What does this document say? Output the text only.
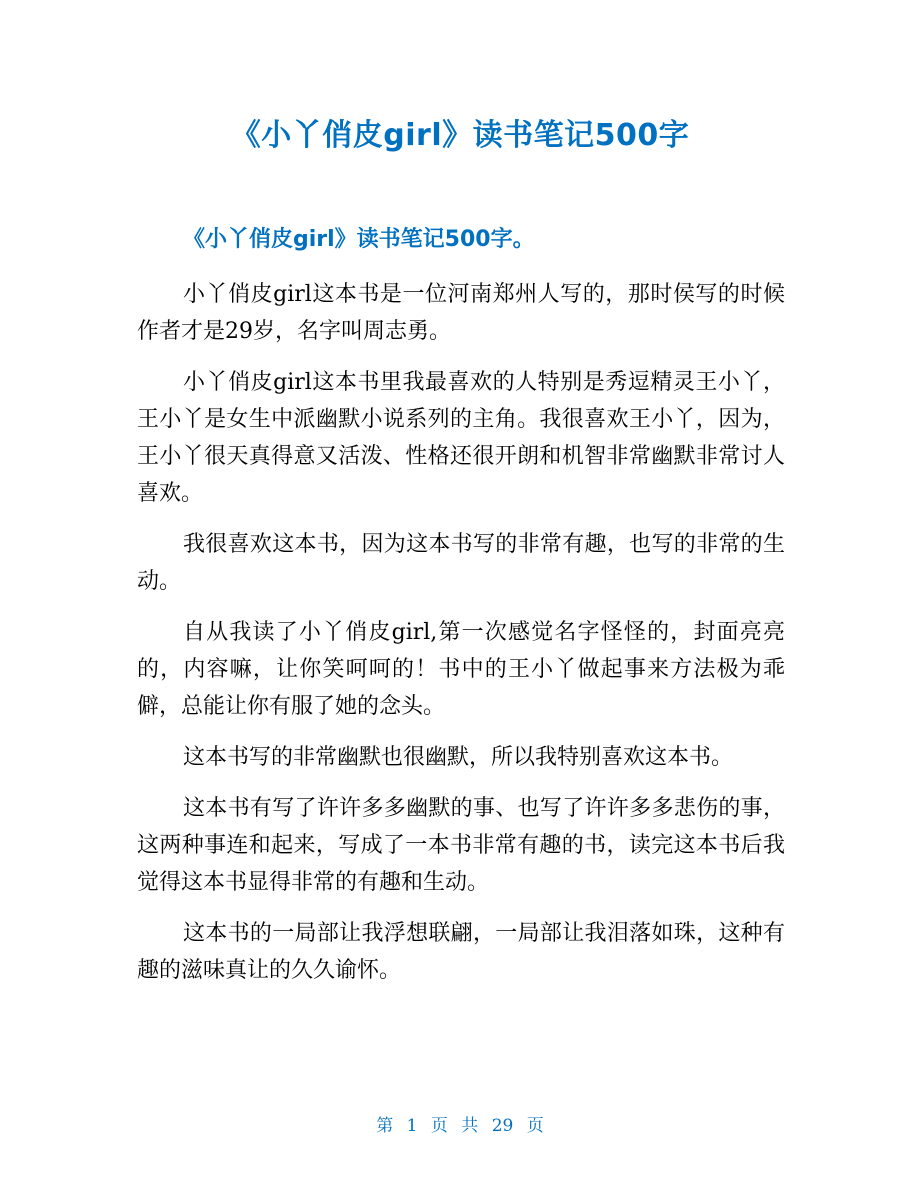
《小丫俏皮girl》读书笔记500字
《小丫俏皮girl》读书笔记500字。

小丫俏皮girl这本书是一位河南郑州人写的，那时侯写的时候作者才是29岁，名字叫周志勇。

小丫俏皮girl这本书里我最喜欢的人特别是秀逗精灵王小丫，王小丫是女生中派幽默小说系列的主角。我很喜欢王小丫，因为，王小丫很天真得意又活泼、性格还很开朗和机智非常幽默非常讨人喜欢。

我很喜欢这本书，因为这本书写的非常有趣，也写的非常的生动。

自从我读了小丫俏皮girl,第一次感觉名字怪怪的，封面亮亮的，内容嘛，让你笑呵呵的！书中的王小丫做起事来方法极为乖僻，总能让你有服了她的念头。

这本书写的非常幽默也很幽默，所以我特别喜欢这本书。

这本书有写了许许多多幽默的事、也写了许许多多悲伤的事，这两种事连和起来，写成了一本书非常有趣的书，读完这本书后我觉得这本书显得非常的有趣和生动。

这本书的一局部让我浮想联翩，一局部让我泪落如珠，这种有趣的滋味真让的久久谕怀。

第 1 页 共 29 页
